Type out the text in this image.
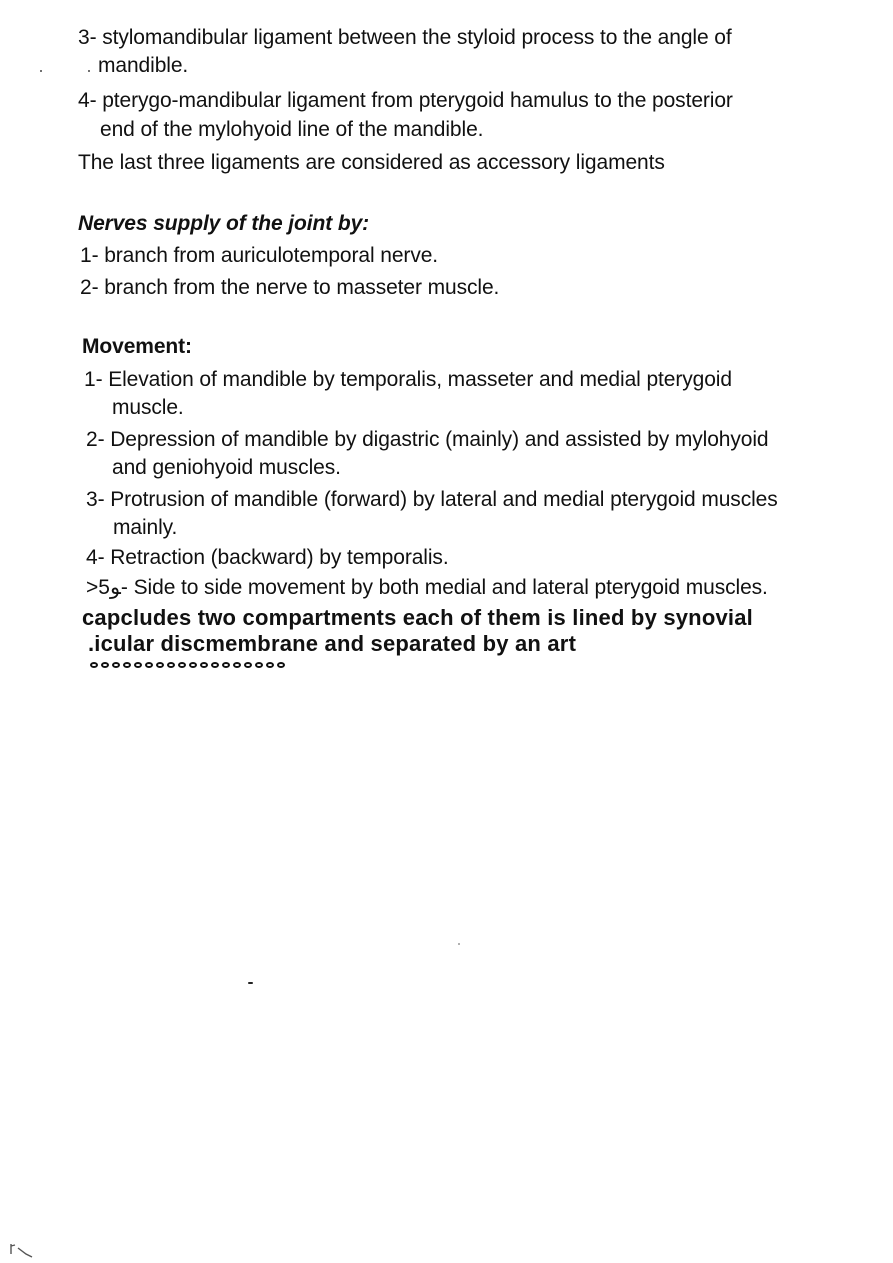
3- stylomandibular ligament between the styloid process to the angle of
mandible.
4- pterygo-mandibular ligament from pterygoid hamulus to the posterior
end of the mylohyoid line of the mandible.
The last three ligaments are considered as accessory ligaments
Nerves supply of the joint by:
1- branch from auriculotemporal nerve.
2- branch from the nerve to masseter muscle.
Movement:
1- Elevation of mandible by temporalis, masseter and medial pterygoid
muscle.
2- Depression of mandible by digastric (mainly) and assisted by mylohyoid
and geniohyoid muscles.
3- Protrusion of mandible (forward) by lateral and medial pterygoid muscles
mainly.
4- Retraction (backward) by temporalis.
>ﻮ5- Side to side movement by both medial and lateral pterygoid muscles.
capcludes two compartments each of them is lined by synovial
.icular discmembrane and separated by an art
